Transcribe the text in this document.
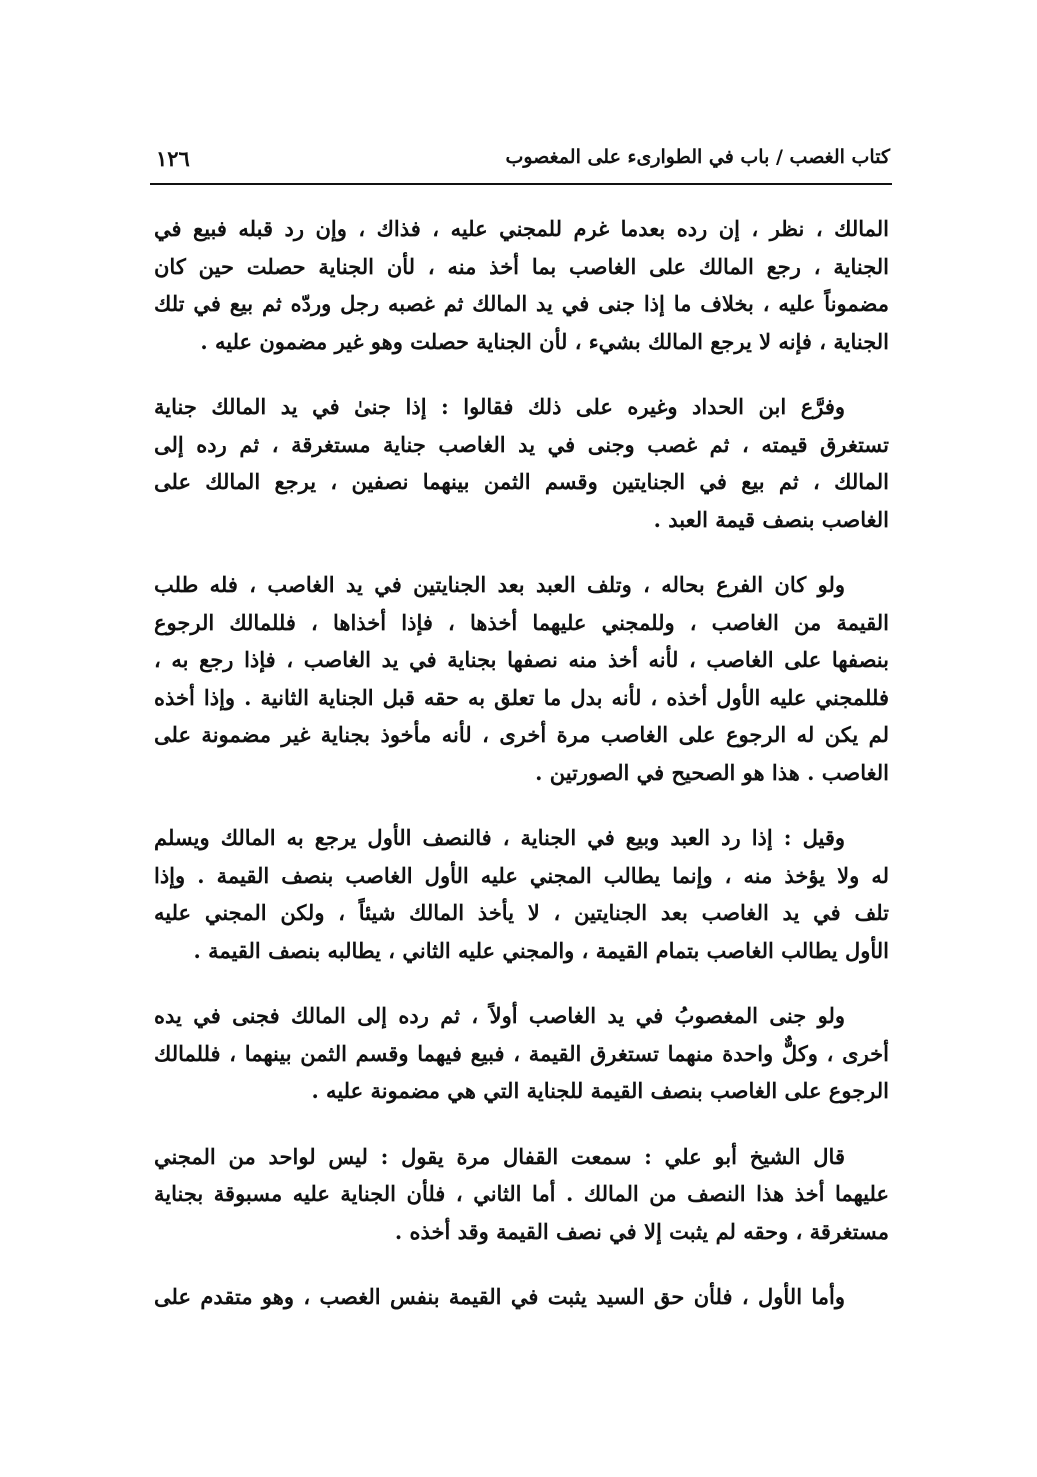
كتاب الغصب / باب في الطوارىء على المغصوب
١٢٦
المالك ، نظر ، إن رده بعدما غرم للمجني عليه ، فذاك ، وإن رد قبله فبيع في
الجناية ، رجع المالك على الغاصب بما أخذ منه ، لأن الجناية حصلت حين كان
مضموناً عليه ، بخلاف ما إذا جنى في يد المالك ثم غصبه رجل وردّه ثم بيع في تلك
الجناية ، فإنه لا يرجع المالك بشيء ، لأن الجناية حصلت وهو غير مضمون عليه .
وفرَّع ابن الحداد وغيره على ذلك فقالوا : إذا جنىٰ في يد المالك جناية
تستغرق قيمته ، ثم غصب وجنى في يد الغاصب جناية مستغرقة ، ثم رده إلى
المالك ، ثم بيع في الجنايتين وقسم الثمن بينهما نصفين ، يرجع المالك على
الغاصب بنصف قيمة العبد .
ولو كان الفرع بحاله ، وتلف العبد بعد الجنايتين في يد الغاصب ، فله طلب
القيمة من الغاصب ، وللمجني عليهما أخذها ، فإذا أخذاها ، فللمالك الرجوع
بنصفها على الغاصب ، لأنه أخذ منه نصفها بجناية في يد الغاصب ، فإذا رجع به ،
فللمجني عليه الأول أخذه ، لأنه بدل ما تعلق به حقه قبل الجناية الثانية . وإذا أخذه
لم يكن له الرجوع على الغاصب مرة أخرى ، لأنه مأخوذ بجناية غير مضمونة على
الغاصب . هذا هو الصحيح في الصورتين .
وقيل : إذا رد العبد وبيع في الجناية ، فالنصف الأول يرجع به المالك ويسلم
له ولا يؤخذ منه ، وإنما يطالب المجني عليه الأول الغاصب بنصف القيمة . وإذا
تلف في يد الغاصب بعد الجنايتين ، لا يأخذ المالك شيئاً ، ولكن المجني عليه
الأول يطالب الغاصب بتمام القيمة ، والمجني عليه الثاني ، يطالبه بنصف القيمة .
ولو جنى المغصوبُ في يد الغاصب أولاً ، ثم رده إلى المالك فجنى في يده
أخرى ، وكلٌّ واحدة منهما تستغرق القيمة ، فبيع فيهما وقسم الثمن بينهما ، فللمالك
الرجوع على الغاصب بنصف القيمة للجناية التي هي مضمونة عليه .
قال الشيخ أبو علي : سمعت القفال مرة يقول : ليس لواحد من المجني
عليهما أخذ هذا النصف من المالك . أما الثاني ، فلأن الجناية عليه مسبوقة بجناية
مستغرقة ، وحقه لم يثبت إلا في نصف القيمة وقد أخذه .
وأما الأول ، فلأن حق السيد يثبت في القيمة بنفس الغصب ، وهو متقدم على
